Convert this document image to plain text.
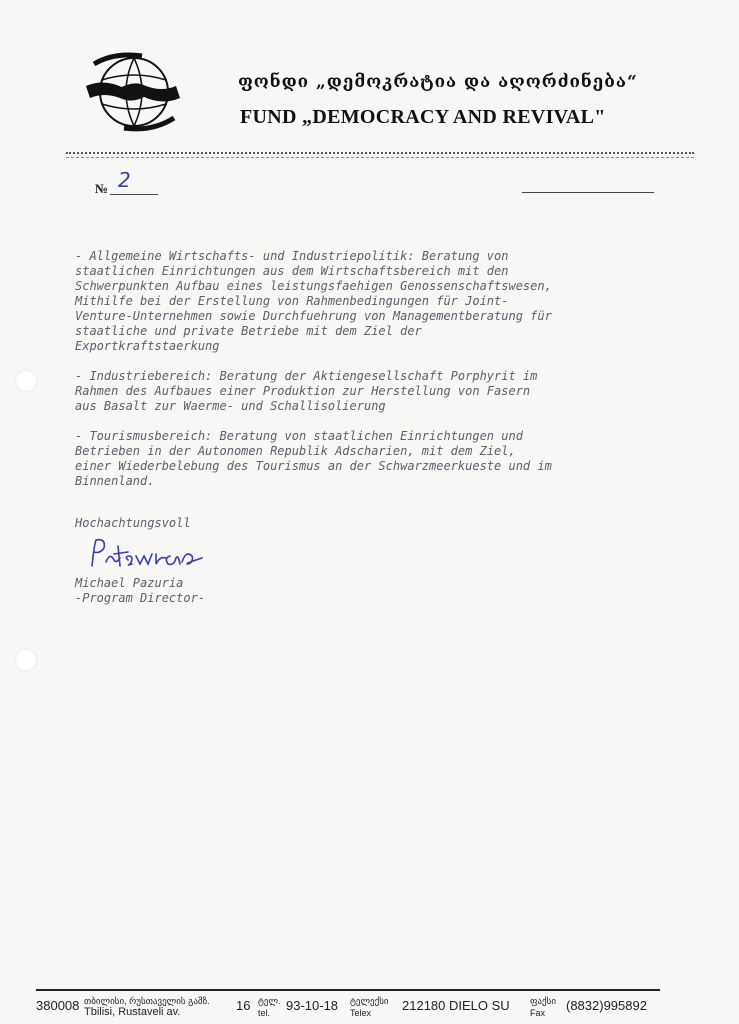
ფონდი „დემოკრატია და აღორძინება“
FUND „DEMOCRACY AND REVIVAL"
№ 2

- Allgemeine Wirtschafts- und Industriepolitik: Beratung von
staatlichen Einrichtungen aus dem Wirtschaftsbereich mit den
Schwerpunkten Aufbau eines leistungsfaehigen Genossenschaftswesen,
Mithilfe bei der Erstellung von Rahmenbedingungen für Joint-
Venture-Unternehmen sowie Durchfuehrung von Managementberatung für
staatliche und private Betriebe mit dem Ziel der
Exportkraftstaerkung

- Industriebereich: Beratung der Aktiengesellschaft Porphyrit im
Rahmen des Aufbaues einer Produktion zur Herstellung von Fasern
aus Basalt zur Waerme- und Schallisolierung

- Tourismusbereich: Beratung von staatlichen Einrichtungen und
Betrieben in der Autonomen Republik Adscharien, mit dem Ziel,
einer Wiederbelebung des Tourismus an der Schwarzmeerkueste und im
Binnenland.

Hochachtungsvoll
Michael Pazuria
-Program Director-
380008 თბილისი, რუსთაველის გამზ.
Tbilisi, Rustaveli av.	16 ტელ.
tel. 93-10-18 ტელექსი
Telex 212180 DIELO SU ფაქსი
Fax (8832)995892
